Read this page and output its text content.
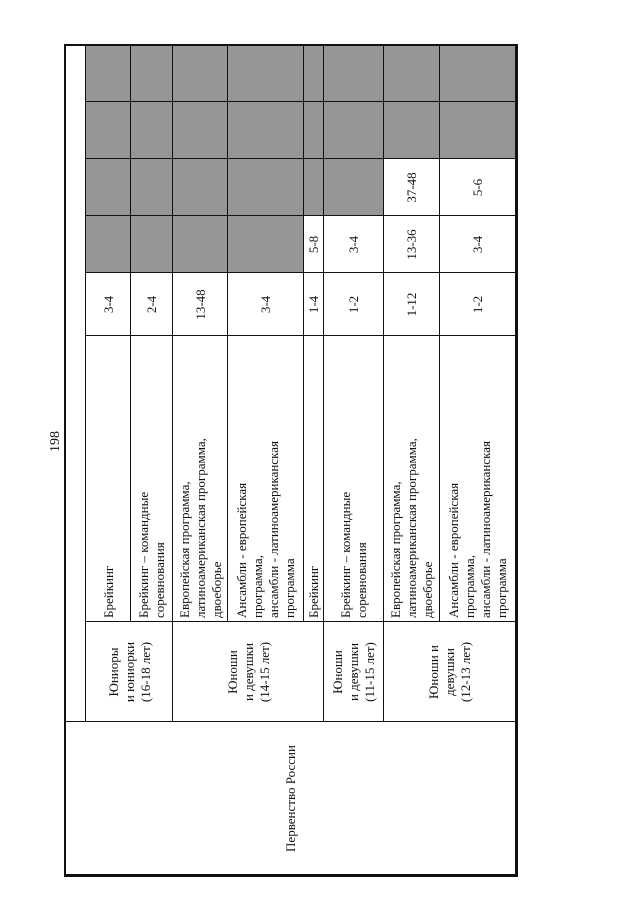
198
Первенство России
Юниоры
и юниорки
(16-18 лет)
Брейкинг
3-4
Брейкинг – командные
соревнования
2-4
Юноши
и девушки
(14-15 лет)
Европейская программа,
латиноамериканская программа,
двоеборье
13-48
Ансамбли - европейская
программа,
ансамбли - латиноамериканская
программа
3-4
Брейкинг
1-4
5-8
Юноши
и девушки
(11-15 лет)
Брейкинг – командные
соревнования
1-2
3-4
Юноши и
девушки
(12-13 лет)
Европейская программа,
латиноамериканская программа,
двоеборье
1-12
13-36
37-48
Ансамбли - европейская
программа,
ансамбли - латиноамериканская
программа
1-2
3-4
5-6
